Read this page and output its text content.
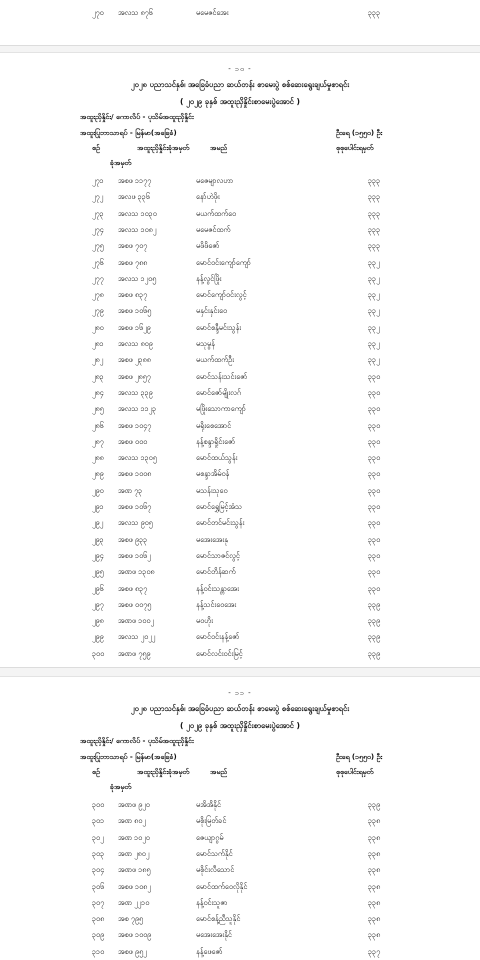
၂၇၀ အလသ ၈၇၆	မမေဇင်အေး	၃၃၃
- ၁၀ -
၂၀၂၈ ပညာသင်နှစ်၊ အခြေခံပညာ ဆယ်တန်း စာမေးပွဲ စစ်ဆေးရွေးချယ်မှုစာရင်း
( ၂၀၂၉ ခုနှစ် အထူးညှိနှိုင်းစာမေးပွဲအောင် )
အထူးညှိနှိုင်း/ ကောလိပ် - ပုသိမ်အထူးညှိနှိုင်း
အထူးပြုဘာသာရပ် - မြန်မာ(အခြေခံ)	ဦးရေ (၁၅၅၀) ဦး
စဉ်	အထူးညှိနှိုင်းခုံအမှတ်	အမည်	စုစုပေါင်းရမှတ်
ခုံအမှတ်
၂၇၁ အစဖ ၁၁၇၇	မဇေမျာလဟာ	၃၃၃
၂၇၂ အလဖ ၃၃၆	နော်ဟဲဖိုး	၃၃၃
၂၇၃ အလသ ၁၀၃၀	မယက်ထက်ဝေ	၃၃၃
၂၇၄ အလသ ၁၀၈၂	မမေဇင်ထက်	၃၃၃
၂၇၅ အစဖ ၇၀၇	မဖိဖိဇော်	၃၃၃
၂၇၆ အစဖ ၇၈၈	မောင်ဝင်းကျော်ကျော်	၃၃၂
၂၇၇ အလသ ၁၂၀၅	နန့်လွင်ဖြိုး	၃၃၂
၂၇၈ အစဖ ၈၃၇	မောင်ကျော်ဝင်းလွင့်	၃၃၂
၂၇၉ အစဖ ၁၀၆၅	မနှင်းနှင်းဝေ	၃၃၂
၂၈၀ အစဖ ၁၆၂၉	မောင်စန္ဒီမင်းသွန်း	၃၃၂
၂၈၁ အလသ ၈၀၉	မသုမွန်	၃၃၂
၂၈၂ အစဖ ၂၃၈၈	မယက်ထက်ဦး	၃၃၂
၂၈၃ အစဖ ၂၈၅၇	မောင်သန်းသင်းဇော်	၃၃၀
၂၈၄ အလသ ၃၃၉	မောင်ဇော်မျိုးလဂ်	၃၃၀
၂၈၅ အလသ ၁၁၂၃	မဖြိုးသောကာကျော်	၃၃၀
၂၈၆ အစဖ ၁၀၄၇	မရိုးစေအောင်	၃၃၀
၂၈၇ အစဖ ၀၀၀	နန့်စန္ဒာရှိုင်းဇော်	၃၃၀
၂၈၈ အလသ ၁၃၀၅	မောင်ထယ်သွန်း	၃၃၀
၂၈၉ အစဖ ၁၀၀၈	မစန္ဒာအိမ်ဝန်	၃၃၀
၂၉၀ အဏ ၇၃	မသန်းသုဝေ	၃၃၀
၂၉၁ အစဖ ၁၀၆၇	မောင်ရွှေမြင့်အံသ	၃၃၀
၂၉၂ အလသ ၉၀၅	မောင်တင်မင်းသွန်း	၃၃၀
၂၉၃ အစဖ ၉၃၃	မအေးအေးနု	၃၃၀
၂၉၄ အစဖ ၁၀၆၂	မောင်သာဇင်လွင့်	၃၃၀
၂၉၅ အဏဖ ၁၃၀၈	မောင်တိန်ဆက်	၃၃၀
၂၉၆ အစဖ ၈၃၇	နန့်ဝင်းသန္တာအေး	၃၃၀
၂၉၇ အစဖ ၀၀၇၅	နန့်သင်းဝေအေး	၃၃၉
၂၉၈ အဏဖ ၁၀၀၂	မဝဟိုး	၃၃၉
၂၉၉ အလသ ၂၀၂၂	မောင်ဝင်းနန့်ဇော်	၃၃၉
၃၀၀ အဏဖ ၇၅၉	မောင်လင်းဝင်းမြင့်	၃၃၉
- ၁၁ -
၂၀၂၈ ပညာသင်နှစ်၊ အခြေခံပညာ ဆယ်တန်း စာမေးပွဲ စစ်ဆေးရွေးချယ်မှုစာရင်း
( ၂၀၂၉ ခုနှစ် အထူးညှိနှိုင်းစာမေးပွဲအောင် )
အထူးညှိနှိုင်း/ ကောလိပ် - ပုသိမ်အထူးညှိနှိုင်း
အထူးပြုဘာသာရပ် - မြန်မာ(အခြေခံ)	ဦးရေ (၁၅၅၀) ဦး
စဉ်	အထူးညှိနှိုင်းခုံအမှတ်	အမည်	စုစုပေါင်းရမှတ်
ခုံအမှတ်
၃၀၀ အဏဖ ၉၂၀	မအိအိနိုင်	၃၃၉
၃၀၁ အဏ ၈၀၂	မစိုးမြတ်ခင်	၃၃၈
၃၀၂ အဏ ၁၀၂၀	ဇေယျာဂွမ်	၃၃၈
၃၀၃ အဏ ၂၈၀၂	မောင်သက်နိုင်	၃၃၈
၃၀၄ အဏဖ ၁၈၅	မစိုင်းလီသောင်	၃၃၈
၃၀၆ အစဖ ၁၀၈၂	မောင်ထက်ဝေလိုနိုင်	၃၃၈
၃၀၇ အဏ ၂၂၁၀	နန့်ဝင်းသူဇာ	၃၃၈
၃၀၈ အစ ၇၉၅	မောင်စန့်ညီသူနိုင်	၃၃၈
၃၀၉ အစဖ ၁၀၀၉	မအေးအေးနိုင်	၃၃၈
၃၁၀ အစဖ ၉၅၂	နန့်ဖေဇော်	၃၃၇
